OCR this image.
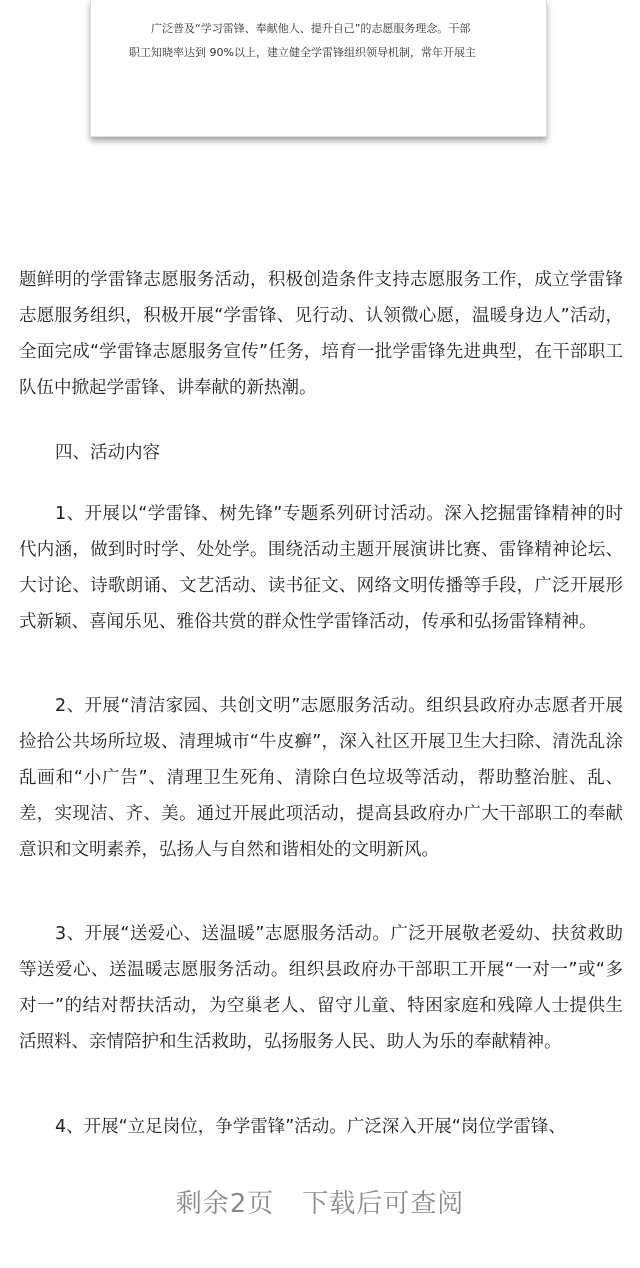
广泛普及“学习雷锋、奉献他人、提升自己”的志愿服务理念。干部
职工知晓率达到 90%以上，建立健全学雷锋组织领导机制，常年开展主
题鲜明的学雷锋志愿服务活动，积极创造条件支持志愿服务工作，成立学雷锋志愿服务组织，积极开展“学雷锋、见行动、认领微心愿，温暖身边人”活动，全面完成“学雷锋志愿服务宣传”任务，培育一批学雷锋先进典型，在干部职工队伍中掀起学雷锋、讲奉献的新热潮。
四、活动内容
1、开展以“学雷锋、树先锋”专题系列研讨活动。深入挖掘雷锋精神的时代内涵，做到时时学、处处学。围绕活动主题开展演讲比赛、雷锋精神论坛、大讨论、诗歌朗诵、文艺活动、读书征文、网络文明传播等手段，广泛开展形式新颖、喜闻乐见、雅俗共赏的群众性学雷锋活动，传承和弘扬雷锋精神。
2、开展“清洁家园、共创文明”志愿服务活动。组织县政府办志愿者开展捡拾公共场所垃圾、清理城市“牛皮癣”，深入社区开展卫生大扫除、清洗乱涂乱画和“小广告”、清理卫生死角、清除白色垃圾等活动，帮助整治脏、乱、差，实现洁、齐、美。通过开展此项活动，提高县政府办广大干部职工的奉献意识和文明素养，弘扬人与自然和谐相处的文明新风。
3、开展“送爱心、送温暖”志愿服务活动。广泛开展敬老爱幼、扶贫救助等送爱心、送温暖志愿服务活动。组织县政府办干部职工开展“一对一”或“多对一”的结对帮扶活动，为空巢老人、留守儿童、特困家庭和残障人士提供生活照料、亲情陪护和生活救助，弘扬服务人民、助人为乐的奉献精神。
4、开展“立足岗位，争学雷锋”活动。广泛深入开展“岗位学雷锋、
剩余2页 下载后可查阅
